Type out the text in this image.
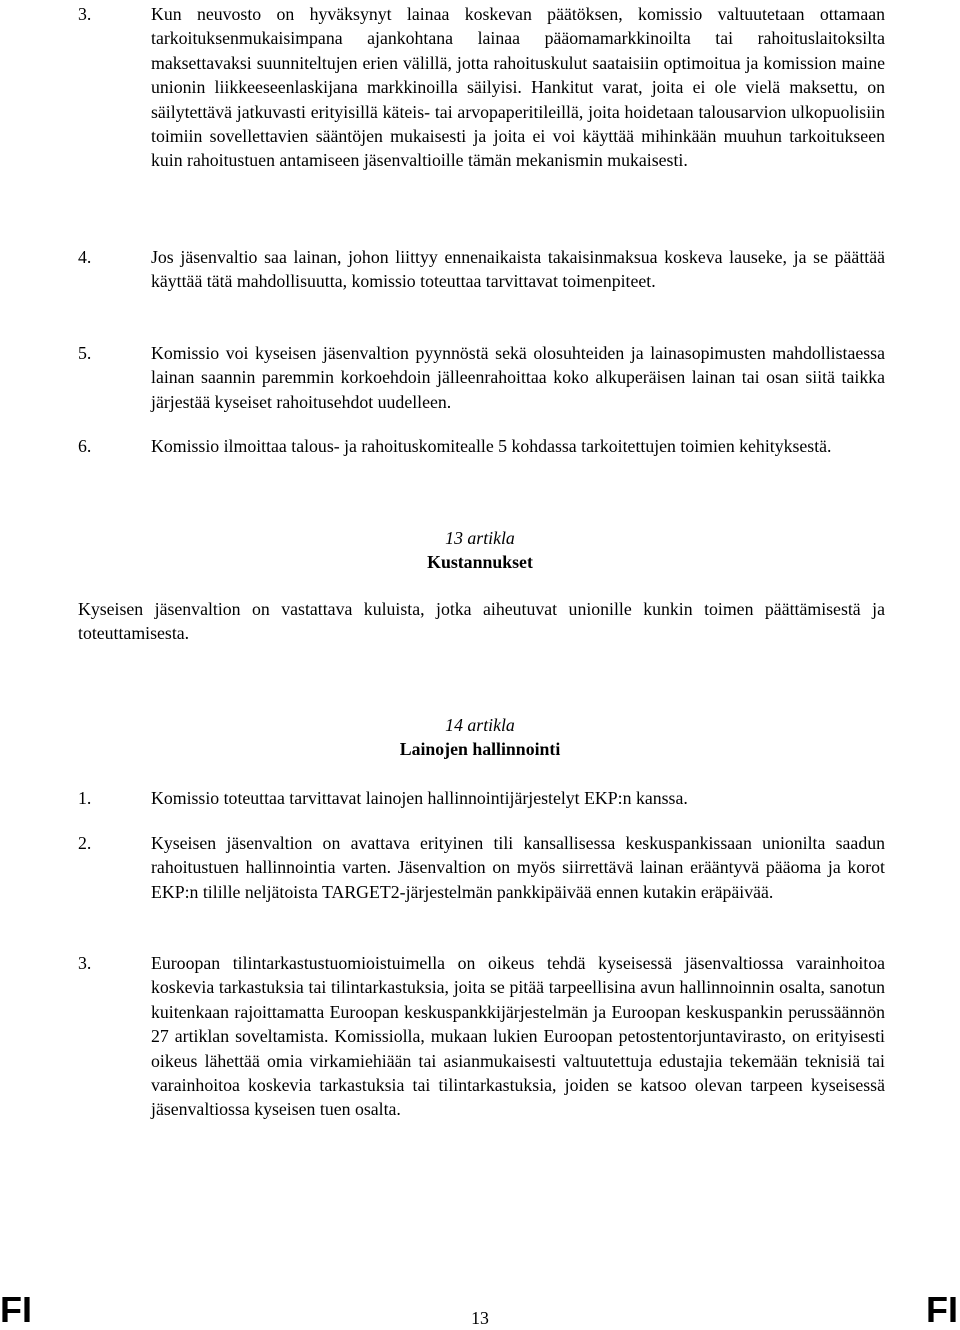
3.	Kun neuvosto on hyväksynyt lainaa koskevan päätöksen, komissio valtuutetaan ottamaan tarkoituksenmukaisimpana ajankohtana lainaa pääomamarkkinoilta tai rahoituslaitoksilta maksettavaksi suunniteltujen erien välillä, jotta rahoituskulut saataisiin optimoitua ja komission maine unionin liikkeeseenlaskijana markkinoilla säilyisi. Hankitut varat, joita ei ole vielä maksettu, on säilytettävä jatkuvasti erityisillä käteis- tai arvopaperitileillä, joita hoidetaan talousarvion ulkopuolisiin toimiin sovellettavien sääntöjen mukaisesti ja joita ei voi käyttää mihinkään muuhun tarkoitukseen kuin rahoitustuen antamiseen jäsenvaltioille tämän mekanismin mukaisesti.
4.	Jos jäsenvaltio saa lainan, johon liittyy ennenaikaista takaisinmaksua koskeva lauseke, ja se päättää käyttää tätä mahdollisuutta, komissio toteuttaa tarvittavat toimenpiteet.
5.	Komissio voi kyseisen jäsenvaltion pyynnöstä sekä olosuhteiden ja lainasopimusten mahdollistaessa lainan saannin paremmin korkoehdoin jälleenrahoittaa koko alkuperäisen lainan tai osan siitä taikka järjestää kyseiset rahoitusehdot uudelleen.
6.	Komissio ilmoittaa talous- ja rahoituskomitealle 5 kohdassa tarkoitettujen toimien kehityksestä.
13 artikla
Kustannukset
Kyseisen jäsenvaltion on vastattava kuluista, jotka aiheutuvat unionille kunkin toimen päättämisestä ja toteuttamisesta.
14 artikla
Lainojen hallinnointi
1.	Komissio toteuttaa tarvittavat lainojen hallinnointijärjestelyt EKP:n kanssa.
2.	Kyseisen jäsenvaltion on avattava erityinen tili kansallisessa keskuspankissaan unionilta saadun rahoitustuen hallinnointia varten. Jäsenvaltion on myös siirrettävä lainan erääntyvä pääoma ja korot EKP:n tilille neljätoista TARGET2-järjestelmän pankkipäivää ennen kutakin eräpäivää.
3.	Euroopan tilintarkastustuomioistuimella on oikeus tehdä kyseisessä jäsenvaltiossa varainhoitoa koskevia tarkastuksia tai tilintarkastuksia, joita se pitää tarpeellisina avun hallinnoinnin osalta, sanotun kuitenkaan rajoittamatta Euroopan keskuspankkijärjestelmän ja Euroopan keskuspankin perussäännön 27 artiklan soveltamista. Komissiolla, mukaan lukien Euroopan petostentorjuntavirasto, on erityisesti oikeus lähettää omia virkamiehiään tai asianmukaisesti valtuutettuja edustajia tekemään teknisiä tai varainhoitoa koskevia tarkastuksia tai tilintarkastuksia, joiden se katsoo olevan tarpeen kyseisessä jäsenvaltiossa kyseisen tuen osalta.
FI	13	FI
